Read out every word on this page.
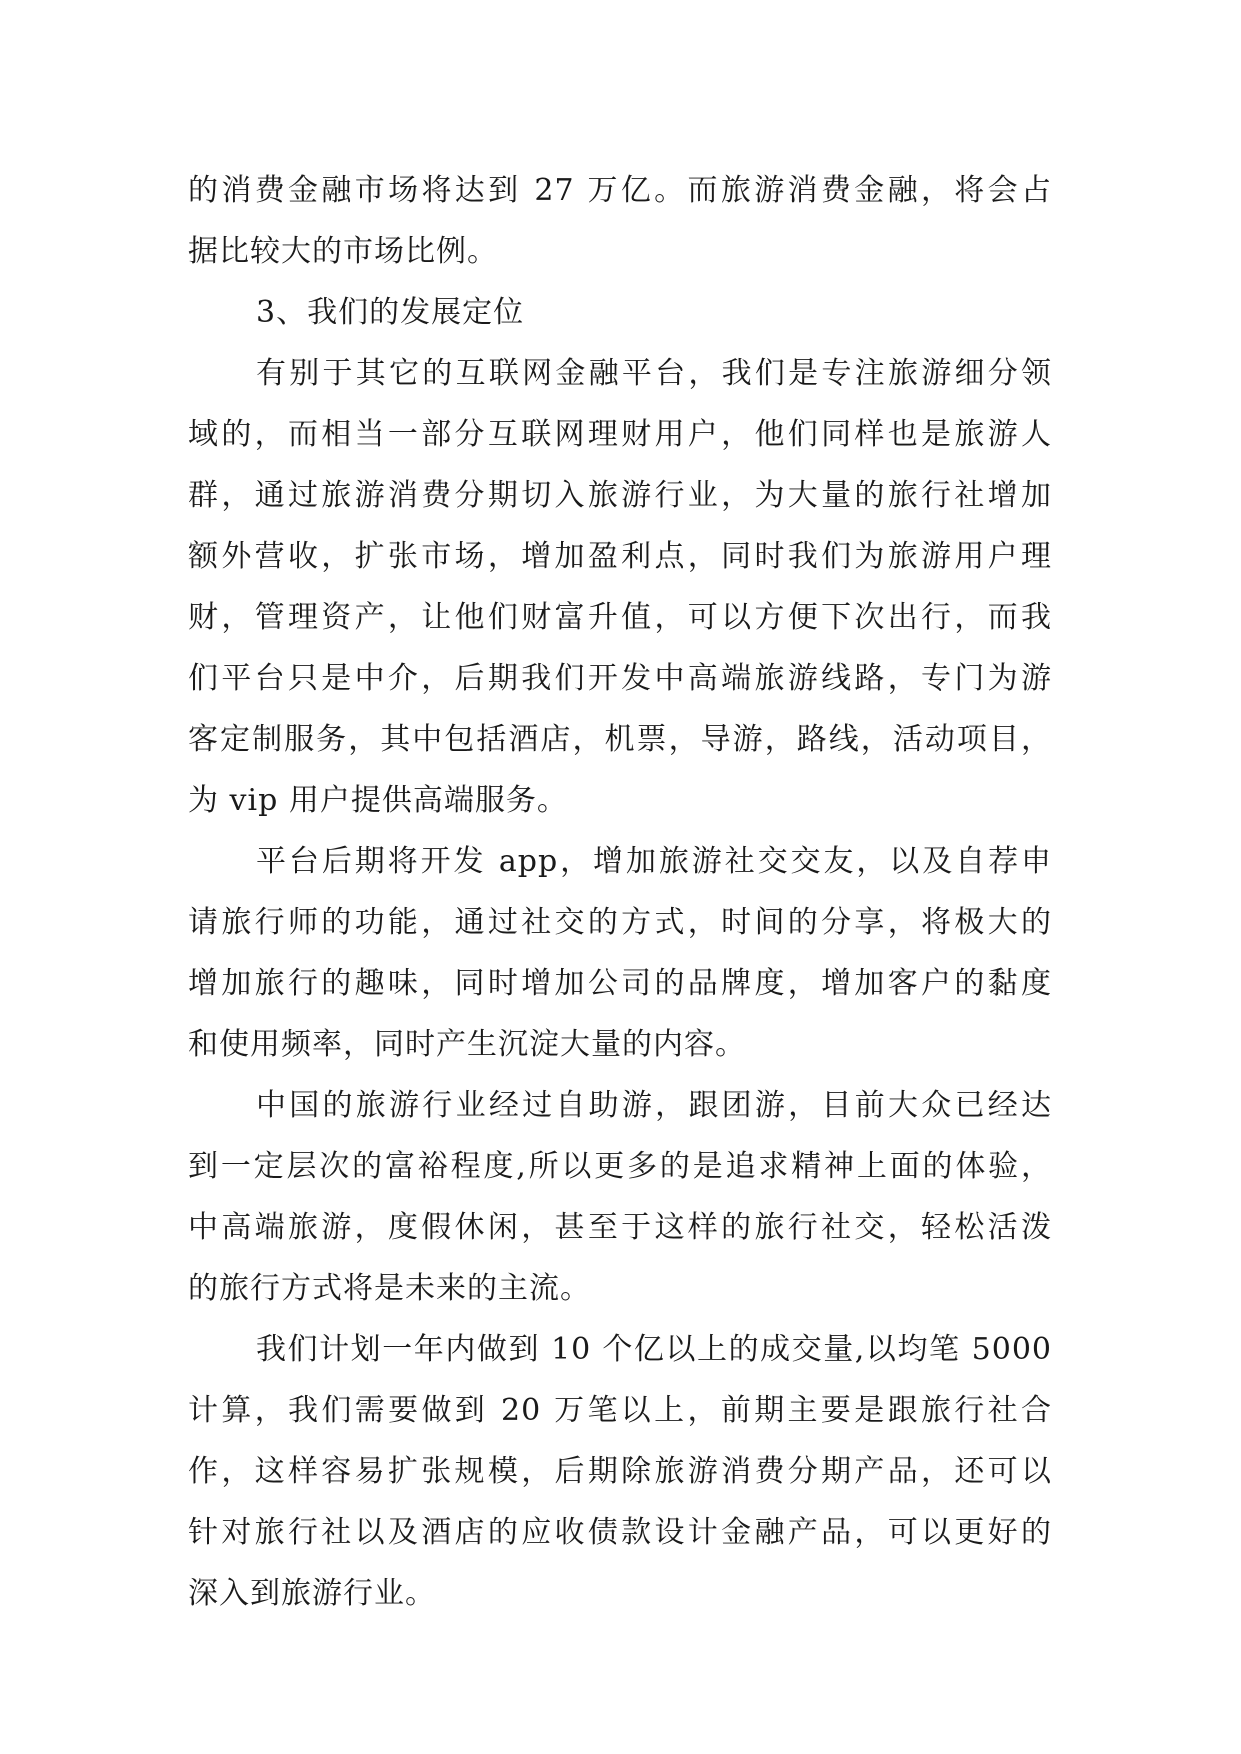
的消费金融市场将达到 27 万亿。而旅游消费金融，将会占
据比较大的市场比例。
3、我们的发展定位
有别于其它的互联网金融平台，我们是专注旅游细分领
域的，而相当一部分互联网理财用户，他们同样也是旅游人
群，通过旅游消费分期切入旅游行业，为大量的旅行社增加
额外营收，扩张市场，增加盈利点，同时我们为旅游用户理
财，管理资产，让他们财富升值，可以方便下次出行，而我
们平台只是中介，后期我们开发中高端旅游线路，专门为游
客定制服务，其中包括酒店，机票，导游，路线，活动项目，
为 vip 用户提供高端服务。
平台后期将开发 app，增加旅游社交交友，以及自荐申
请旅行师的功能，通过社交的方式，时间的分享，将极大的
增加旅行的趣味，同时增加公司的品牌度，增加客户的黏度
和使用频率，同时产生沉淀大量的内容。
中国的旅游行业经过自助游，跟团游，目前大众已经达
到一定层次的富裕程度,所以更多的是追求精神上面的体验，
中高端旅游，度假休闲，甚至于这样的旅行社交，轻松活泼
的旅行方式将是未来的主流。
我们计划一年内做到 10 个亿以上的成交量,以均笔 5000
计算，我们需要做到 20 万笔以上，前期主要是跟旅行社合
作，这样容易扩张规模，后期除旅游消费分期产品，还可以
针对旅行社以及酒店的应收债款设计金融产品，可以更好的
深入到旅游行业。
